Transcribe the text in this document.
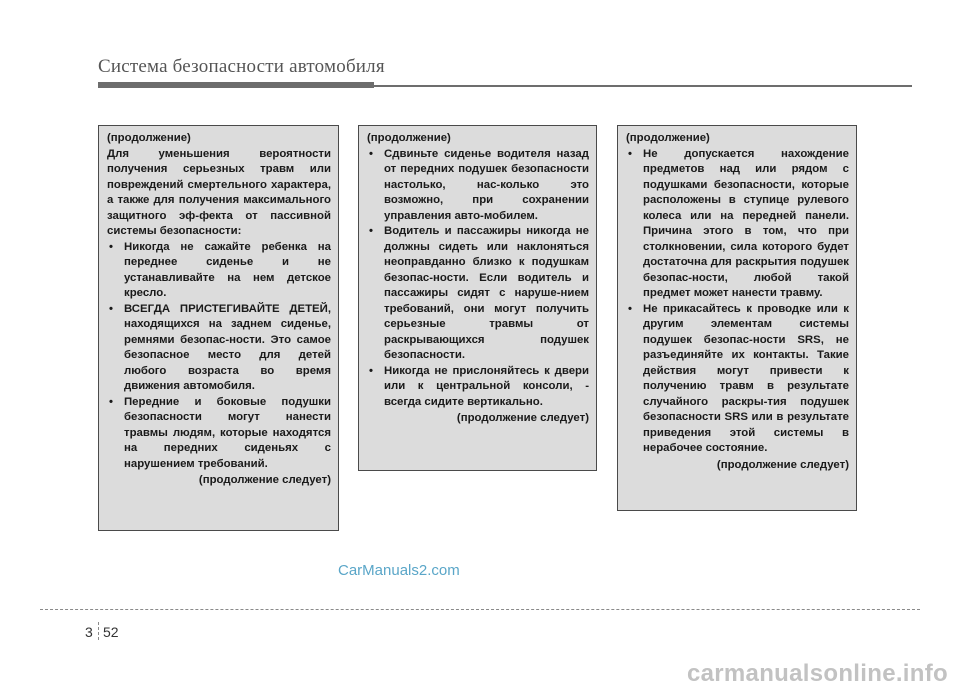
Система безопасности автомобиля

(продолжение)

Для уменьшения вероятности получения серьезных травм или повреждений смертельного характера, а также для получения максимального защитного эф-фекта от пассивной системы безопасности:

• Никогда не сажайте ребенка на переднее сиденье и не устанавливайте на нем детское кресло.
• ВСЕГДА ПРИСТЕГИВАЙТЕ ДЕТЕЙ, находящихся на заднем сиденье, ремнями безопас-ности. Это самое безопасное место для детей любого возраста во время движения автомобиля.
• Передние и боковые подушки безопасности могут нанести травмы людям, которые находятся на передних сиденьях с нарушением требований.

(продолжение следует)

(продолжение)

• Сдвиньте сиденье водителя назад от передних подушек безопасности настолько, нас-колько это возможно, при сохранении управления авто-мобилем.
• Водитель и пассажиры никогда не должны сидеть или наклоняться неоправданно близко к подушкам безопас-ности. Если водитель и пассажиры сидят с наруше-нием требований, они могут получить серьезные травмы от раскрывающихся подушек безопасности.
• Никогда не прислоняйтесь к двери или к центральной консоли, - всегда сидите вертикально.

(продолжение следует)

(продолжение)

• Не допускается нахождение предметов над или рядом с подушками безопасности, которые расположены в ступице рулевого колеса или на передней панели. Причина этого в том, что при столкновении, сила которого будет достаточна для раскрытия подушек безопас-ности, любой такой предмет может нанести травму.
• Не прикасайтесь к проводке или к другим элементам системы подушек безопас-ности SRS, не разъединяйте их контакты. Такие действия могут привести к получению травм в результате случайного раскры-тия подушек безопасности SRS или в результате приведения этой системы в нерабочее состояние.

(продолжение следует)

CarManuals2.com
3 52
carmanualsonline.info
